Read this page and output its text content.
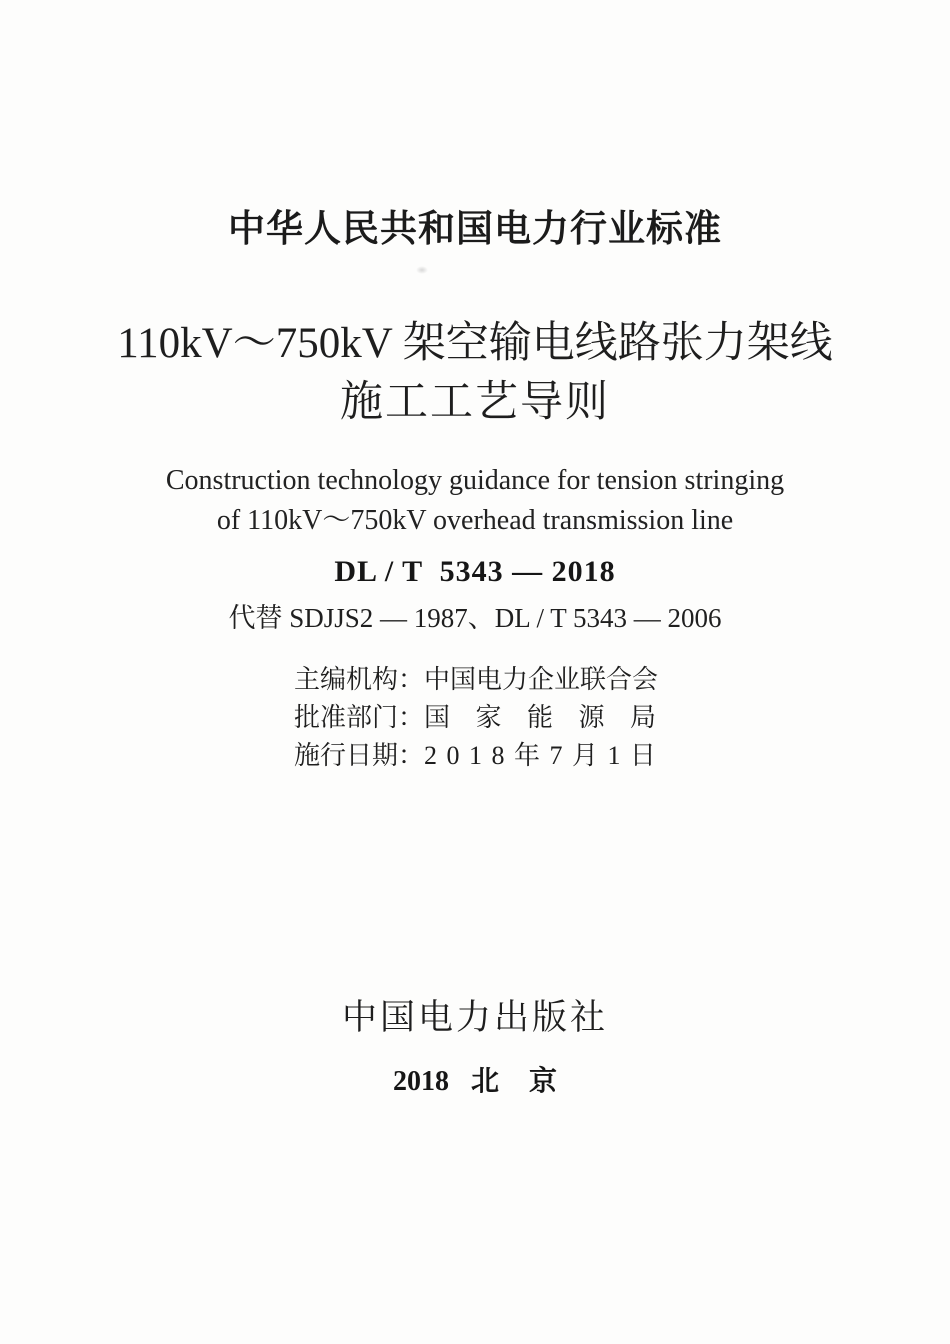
中华人民共和国电力行业标准
110kV～750kV 架空输电线路张力架线
施工工艺导则
Construction technology guidance for tension stringing
of 110kV～750kV overhead transmission line
DL / T  5343 — 2018
代替 SDJJS2 — 1987、DL / T 5343 — 2006
主编机构： 中国电力企业联合会
批准部门： 国 家 能 源 局
施行日期： 2 0 1 8 年 7 月 1 日
中国电力出版社
2018 北 京
